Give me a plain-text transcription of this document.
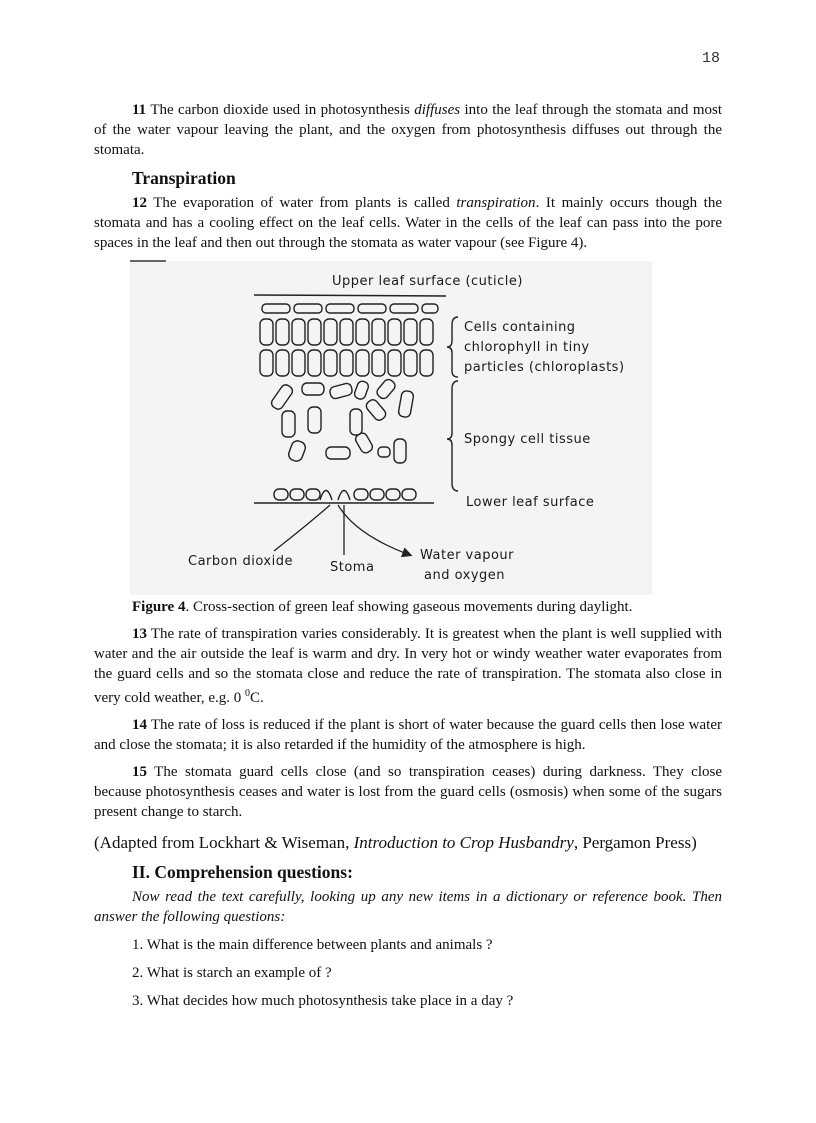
18

11 The carbon dioxide used in photosynthesis diffuses into the leaf through the stomata and most of the water vapour leaving the plant, and the oxygen from photosynthesis diffuses out through the stomata.

Transpiration

12 The evaporation of water from plants is called transpiration. It mainly occurs though the stomata and has a cooling effect on the leaf cells. Water in the cells of the leaf can pass into the pore spaces in the leaf and then out through the stomata as water vapour (see Figure 4).

Upper leaf surface (cuticle)
Cells containing
chlorophyll in tiny
particles (chloroplasts)
Spongy cell tissue
Lower leaf surface
Carbon dioxide	Stoma
Water vapour
and oxygen

Figure 4. Cross-section of green leaf showing gaseous movements during daylight.

13 The rate of transpiration varies considerably. It is greatest when the plant is well supplied with water and the air outside the leaf is warm and dry. In very hot or windy weather water evaporates from the guard cells and so the stomata close and reduce the rate of transpiration. The stomata also close in very cold weather, e.g. 0 $^0$C.

14 The rate of loss is reduced if the plant is short of water because the guard cells then lose water and close the stomata; it is also retarded if the humidity of the atmosphere is high.

15 The stomata guard cells close (and so transpiration ceases) during darkness. They close because photosynthesis ceases and water is lost from the guard cells (osmosis) when some of the sugars present change to starch.

(Adapted from Lockhart & Wiseman, Introduction to Crop Husbandry, Pergamon Press)

II. Comprehension questions:

Now read the text carefully, looking up any new items in a dictionary or reference book. Then answer the following questions:

1. What is the main difference between plants and animals ?

2. What is starch an example of ?

3. What decides how much photosynthesis take place in a day ?
